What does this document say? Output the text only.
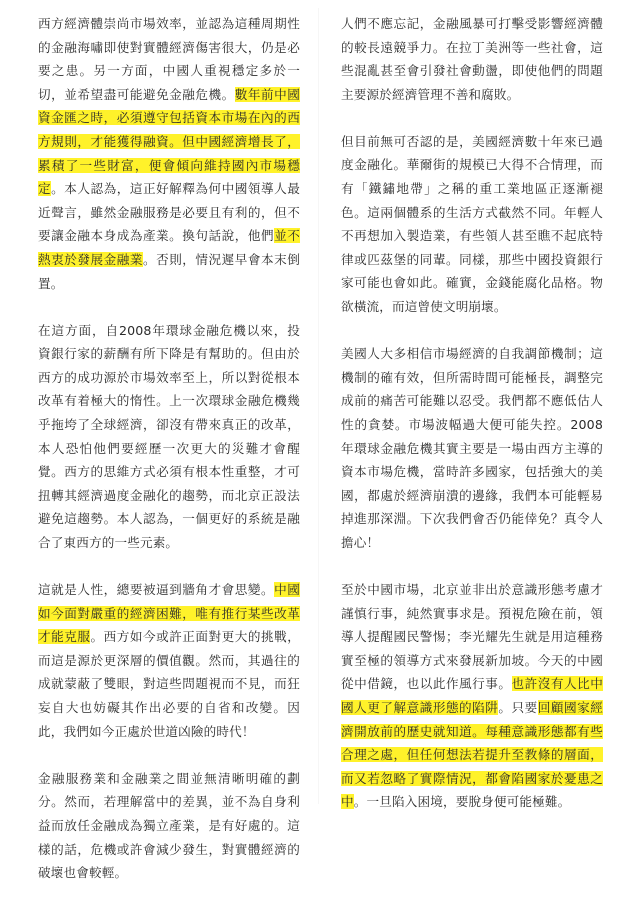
西方經濟體崇尚市場效率，並認為這種周期性的金融海嘯即使對實體經濟傷害很大，仍是必要之患。另一方面，中國人重視穩定多於一切，並希望盡可能避免金融危機。數年前中國資金匯之時，必須遵守包括資本市場在內的西方規則，才能獲得融資。但中國經濟增長了，累積了一些財富，便會傾向維持國內市場穩定。本人認為，這正好解釋為何中國領導人最近聲言，雖然金融服務是必要且有利的，但不要讓金融本身成為產業。換句話說，他們並不熱衷於發展金融業。否則，情況遲早會本末倒置。

在這方面，自2008年環球金融危機以來，投資銀行家的薪酬有所下降是有幫助的。但由於西方的成功源於市場效率至上，所以對從根本改革有着極大的惰性。上一次環球金融危機幾乎拖垮了全球經濟，卻沒有帶來真正的改革，本人恐怕他們要經歷一次更大的災難才會醒覺。西方的思維方式必須有根本性重整，才可扭轉其經濟過度金融化的趨勢，而北京正設法避免這趨勢。本人認為，一個更好的系統是融合了東西方的一些元素。

這就是人性，總要被逼到牆角才會思變。中國如今面對嚴重的經濟困難，唯有推行某些改革才能克服。西方如今或許正面對更大的挑戰，而這是源於更深層的價值觀。然而，其過往的成就蒙蔽了雙眼，對這些問題視而不見，而狂妄自大也妨礙其作出必要的自省和改變。因此，我們如今正處於世道凶險的時代！

金融服務業和金融業之間並無清晰明確的劃分。然而，若理解當中的差異，並不為自身利益而放任金融成為獨立產業，是有好處的。這樣的話，危機或許會減少發生，對實體經濟的破壞也會較輕。

人們不應忘記，金融風暴可打擊受影響經濟體的較長遠競爭力。在拉丁美洲等一些社會，這些混亂甚至會引發社會動盪，即使他們的問題主要源於經濟管理不善和腐敗。

但目前無可否認的是，美國經濟數十年來已過度金融化。華爾街的規模已大得不合情理，而有「鐵鏽地帶」之稱的重工業地區正逐漸褪色。這兩個體系的生活方式截然不同。年輕人不再想加入製造業，有些領人甚至瞧不起底特律或匹茲堡的同輩。同樣，那些中國投資銀行家可能也會如此。確實，金錢能腐化品格。物欲橫流，而這曾使文明崩壞。

美國人大多相信市場經濟的自我調節機制；這機制的確有效，但所需時間可能極長，調整完成前的痛苦可能難以忍受。我們都不應低估人性的貪婪。市場波幅過大便可能失控。2008年環球金融危機其實主要是一場由西方主導的資本市場危機，當時許多國家，包括強大的美國，都處於經濟崩潰的邊緣，我們本可能輕易掉進那深淵。下次我們會否仍能倖免？真令人擔心！

至於中國市場，北京並非出於意識形態考慮才謹慎行事，純然實事求是。預視危險在前，領導人提醒國民警惕；李光耀先生就是用這種務實至極的領導方式來發展新加坡。今天的中國從中借鏡，也以此作風行事。也許沒有人比中國人更了解意識形態的陷阱。只要回顧國家經濟開放前的歷史就知道。每種意識形態都有些合理之處，但任何想法若提升至教條的層面，而又若忽略了實際情況，都會陷國家於憂患之中。一旦陷入困境，要脫身便可能極難。
